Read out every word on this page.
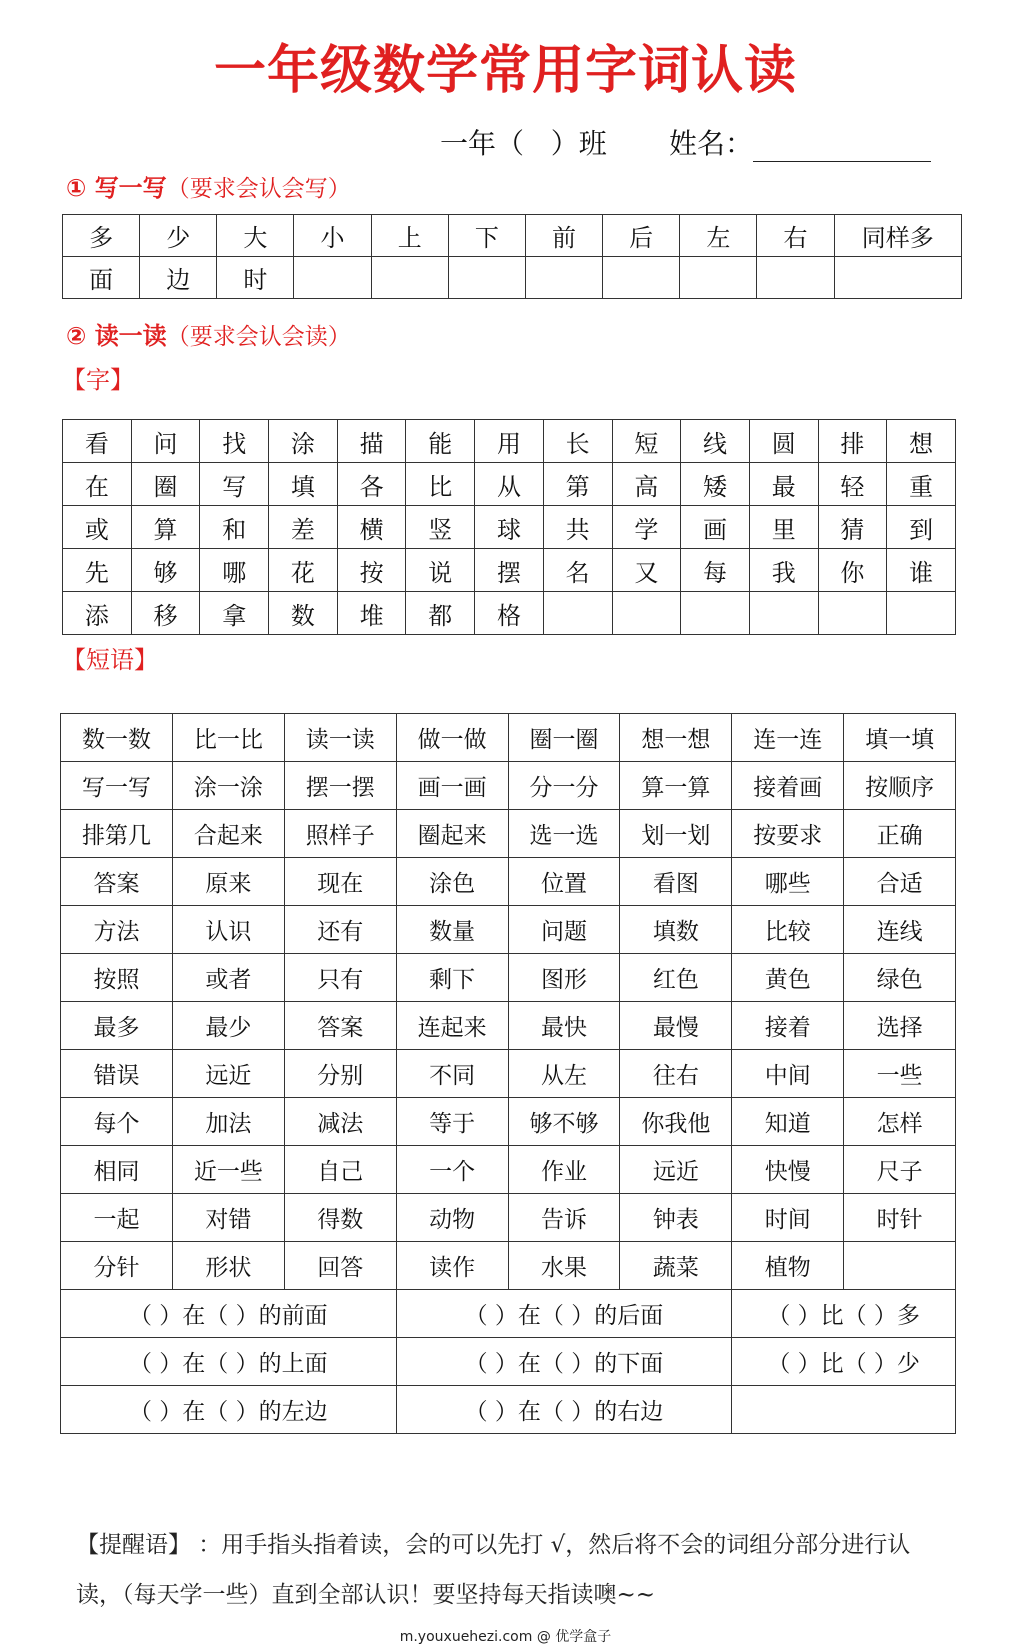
一年级数学常用字词认读
一年（   ）班 姓名：
① 写一写（要求会认会写）
多	少	大	小	上	下	前	后	左	右	同样多
面	边	时								
② 读一读（要求会认会读）
【字】
看	问	找	涂	描	能	用	长	短	线	圆	排	想
在	圈	写	填	各	比	从	第	高	矮	最	轻	重
或	算	和	差	横	竖	球	共	学	画	里	猜	到
先	够	哪	花	按	说	摆	名	又	每	我	你	谁
添	移	拿	数	堆	都	格						
【短语】
数一数	比一比	读一读	做一做	圈一圈	想一想	连一连	填一填
写一写	涂一涂	摆一摆	画一画	分一分	算一算	接着画	按顺序
排第几	合起来	照样子	圈起来	选一选	划一划	按要求	正确
答案	原来	现在	涂色	位置	看图	哪些	合适
方法	认识	还有	数量	问题	填数	比较	连线
按照	或者	只有	剩下	图形	红色	黄色	绿色
最多	最少	答案	连起来	最快	最慢	接着	选择
错误	远近	分别	不同	从左	往右	中间	一些
每个	加法	减法	等于	够不够	你我他	知道	怎样
相同	近一些	自己	一个	作业	远近	快慢	尺子
一起	对错	得数	动物	告诉	钟表	时间	时针
分针	形状	回答	读作	水果	蔬菜	植物	
（ ）在（ ）的前面			（ ）在（ ）的后面			（ ）比（ ）多	
（ ）在（ ）的上面			（ ）在（ ）的下面			（ ）比（ ）少	
（ ）在（ ）的左边			（ ）在（ ）的右边				
【提醒语】 ：用手指头指着读，会的可以先打 √，然后将不会的词组分部分进行认读，（每天学一些）直到全部认识！要坚持每天指读噢~~
m.youxuehezi.com @ 优学盒子
